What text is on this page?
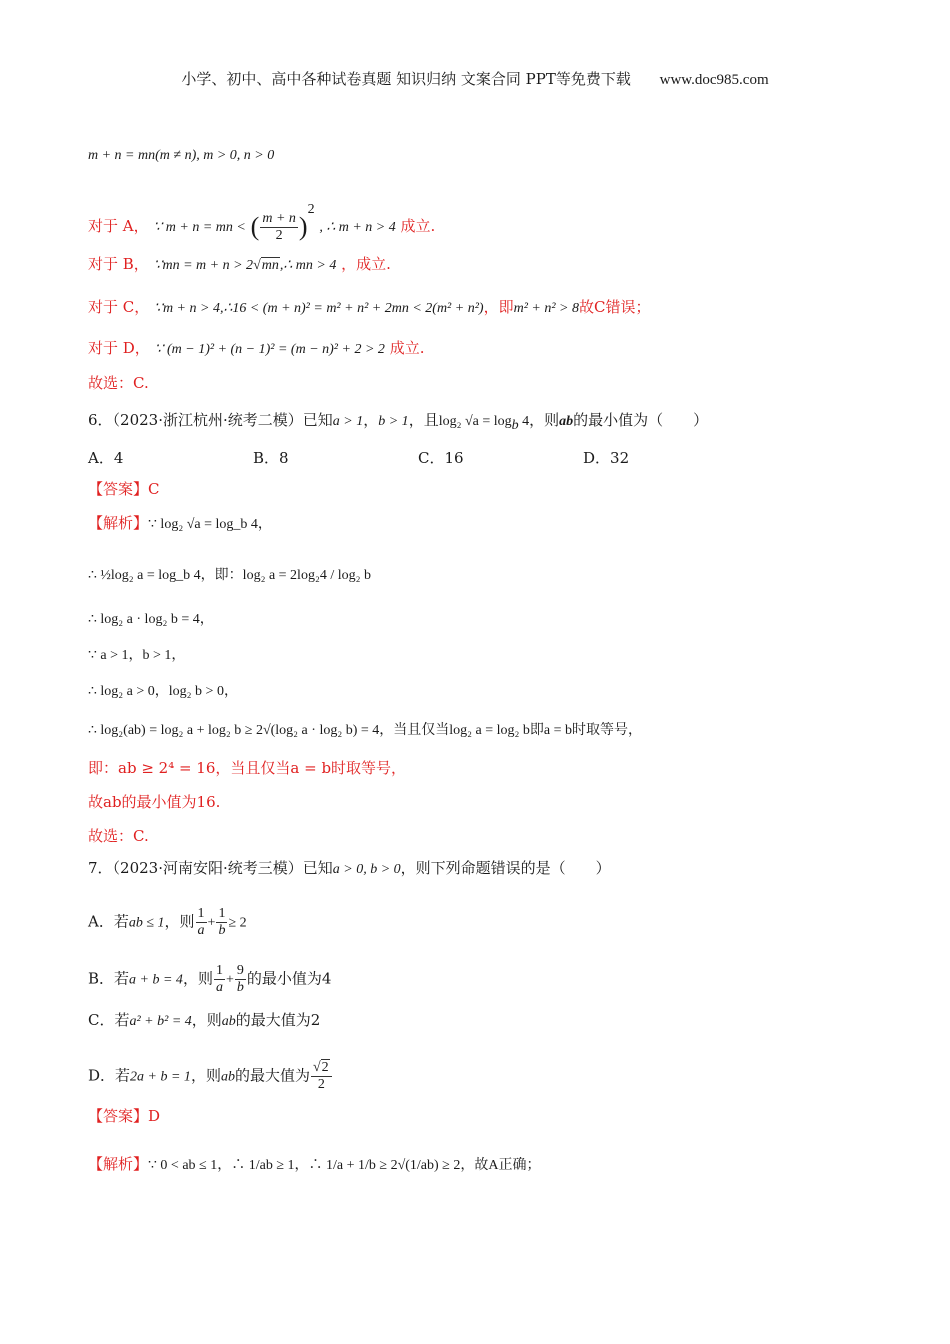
小学、初中、高中各种试卷真题 知识归纳 文案合同 PPT等免费下载 www.doc985.com
m + n = mn(m ≠ n), m > 0, n > 0
对于 A， ∵ m + n = mn < ( $\frac{m + n}{2} )^2$ , ∴ m + n > 4 成立.
对于 B， ∵mn = m + n > 2√mn,∴ mn > 4 ，成立.
对于 C， ∵m + n > 4,∴16 < (m + n)² = m² + n² + 2mn < 2(m² + n²)，即m² + n² > 8故C错误；
对于 D， ∵ (m − 1)² + (n − 1)² = (m − n)² + 2 > 2 成立.
故选：C.
6．（2023·浙江杭州·统考二模）已知a > 1，b > 1，且log₂ $√a = \log_b 4$，则ab的最小值为（　　）
A．4	B．8	C．16	D．32
【答案】C
【解析】∵ log₂ √a = log_b 4，
∴ ½log₂ a = log_b 4，即：log₂ a = 2log₂4 / log₂ b
∴ log₂ a · log₂ b = 4，
∵ a > 1，b > 1，
∴ log₂ a > 0，log₂ b > 0，
∴ log₂(ab) = log₂ a + log₂ b ≥ 2√(log₂ a · log₂ b) = 4，当且仅当log₂ a = log₂ b即a = b时取等号，
即：ab ≥ 2⁴ = 16，当且仅当a = b时取等号，
故ab的最小值为16.
故选：C.
7．（2023·河南安阳·统考三模）已知a > 0, b > 0，则下列命题错误的是（　　）
A．若ab ≤ 1，则 $\frac{1}{a} + \frac{1}{b} \ge 2$
B．若a + b = 4，则 $\frac{1}{a} + \frac{9}{b}$ 的最小值为4
C．若a² + b² = 4，则ab的最大值为2
D．若2a + b = 1，则ab的最大值为 $\frac{√2}{2}$
【答案】D
【解析】∵ 0 < ab ≤ 1，∴ 1/ab ≥ 1，∴ 1/a + 1/b ≥ 2√(1/ab) ≥ 2，故A正确；
